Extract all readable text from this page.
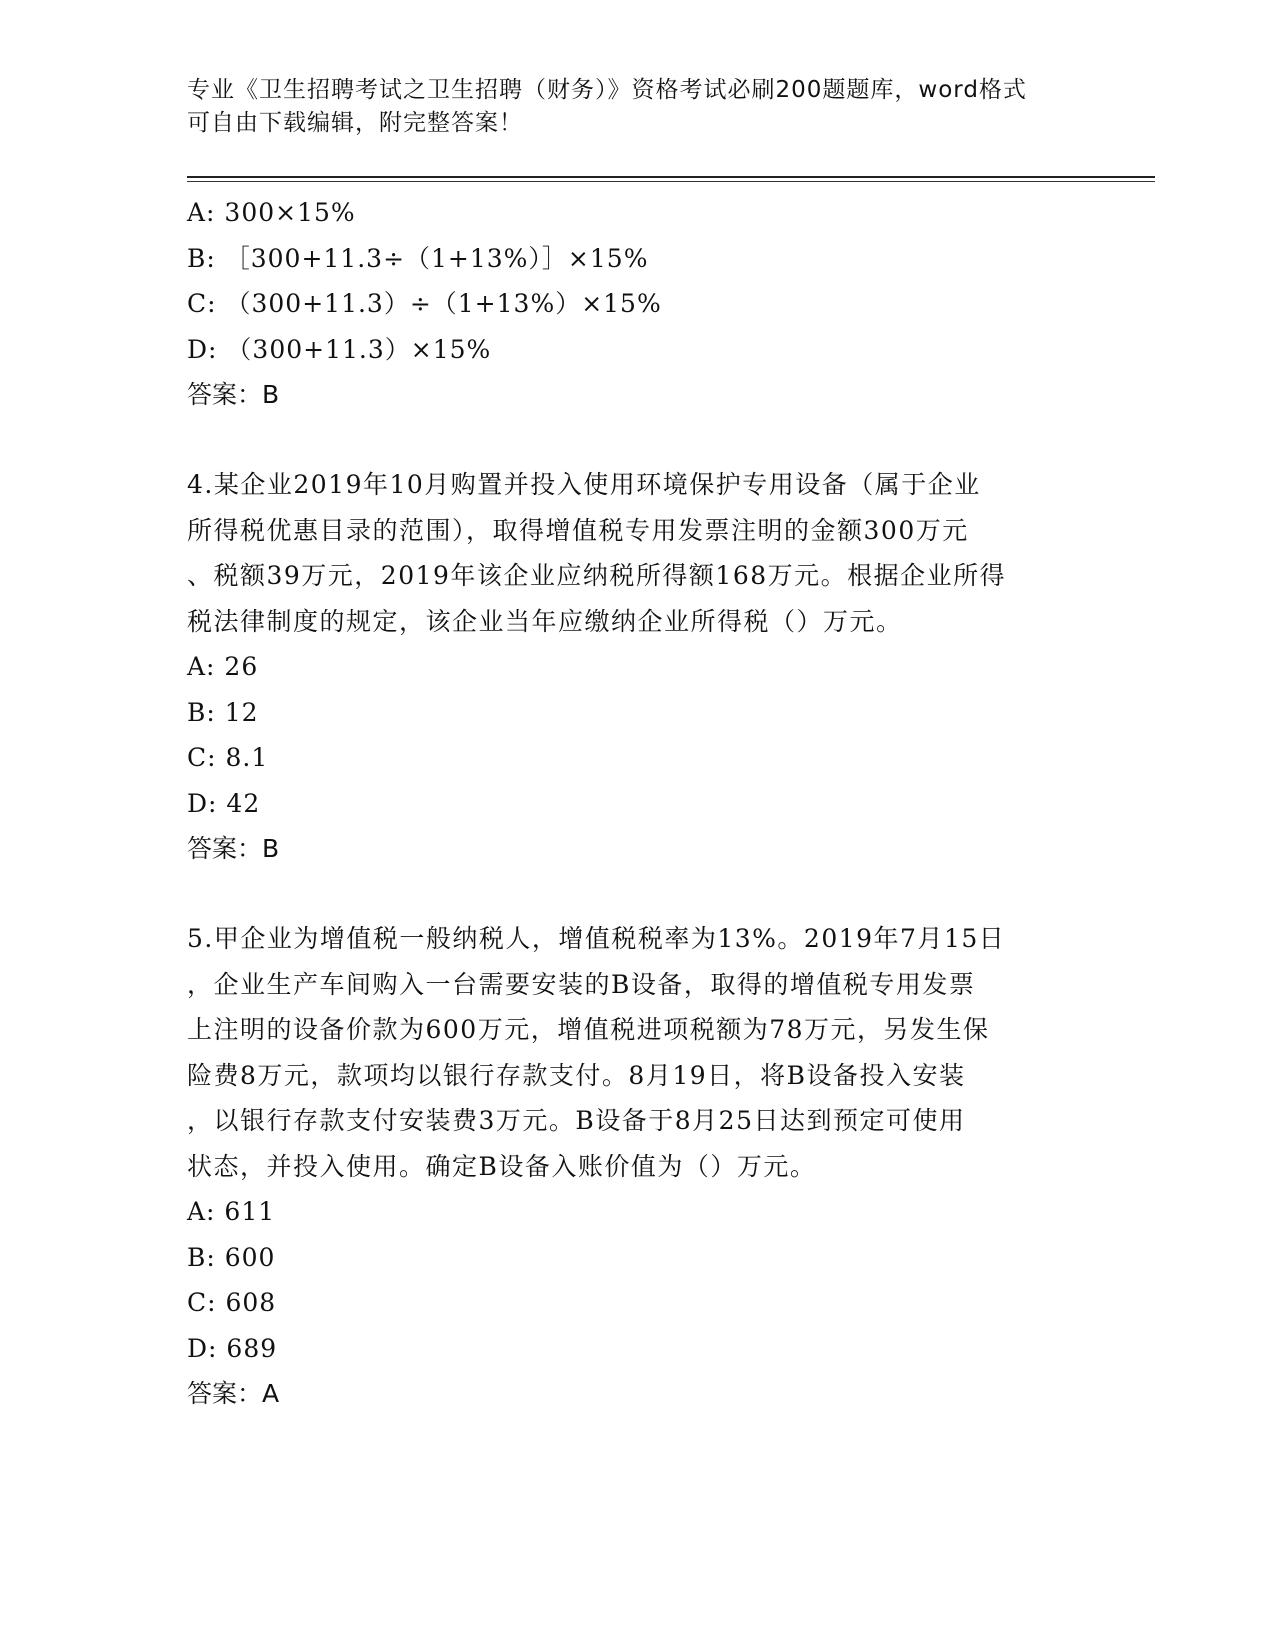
专业《卫生招聘考试之卫生招聘（财务）》资格考试必刷200题题库，word格式
可自由下载编辑，附完整答案！
A: 300×15%
B: ［300+11.3÷（1+13%）］×15%
C: （300+11.3）÷（1+13%）×15%
D: （300+11.3）×15%
答案：B
4.某企业2019年10月购置并投入使用环境保护专用设备（属于企业
所得税优惠目录的范围），取得增值税专用发票注明的金额300万元
、税额39万元，2019年该企业应纳税所得额168万元。根据企业所得
税法律制度的规定，该企业当年应缴纳企业所得税（）万元。
A: 26
B: 12
C: 8.1
D: 42
答案：B
5.甲企业为增值税一般纳税人，增值税税率为13%。2019年7月15日
，企业生产车间购入一台需要安装的B设备，取得的增值税专用发票
上注明的设备价款为600万元，增值税进项税额为78万元，另发生保
险费8万元，款项均以银行存款支付。8月19日，将B设备投入安装
，以银行存款支付安装费3万元。B设备于8月25日达到预定可使用
状态，并投入使用。确定B设备入账价值为（）万元。
A: 611
B: 600
C: 608
D: 689
答案：A
